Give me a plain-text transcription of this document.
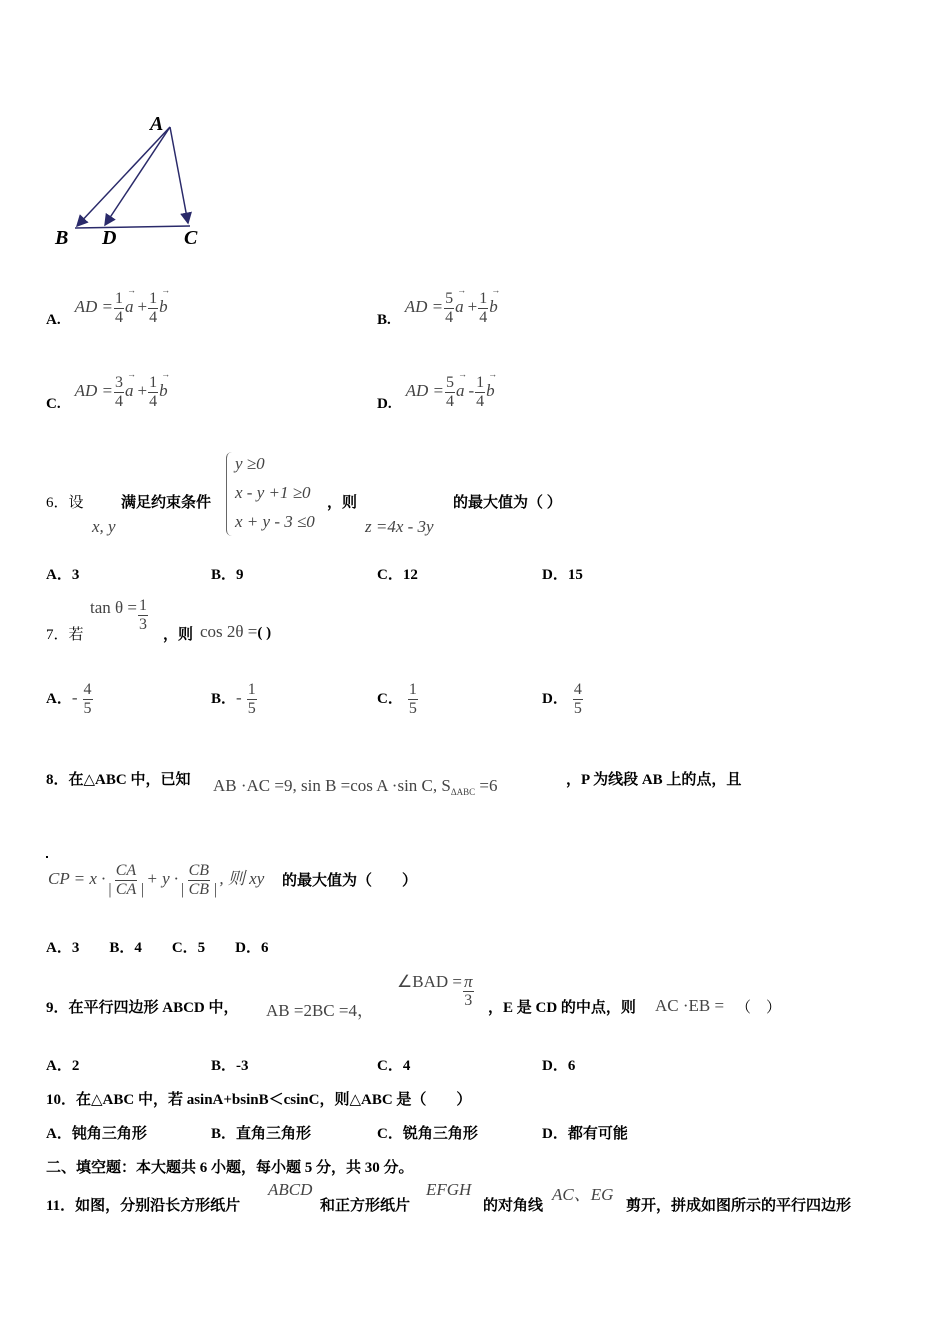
A
B D	C
$A.AD = \frac{1}{4} \to a + \frac{1}{4} \to b$
$B.AD = \frac{5}{4} \to a + \frac{1}{4} \to b$
$C.AD = \frac{3}{4} \to a + \frac{1}{4} \to b$
$D.AD = \frac{5}{4} \to a - \frac{1}{4} \to b$
6．设
x, y
满足约束条件
y ≥0
x - y +1 ≥0
x + y - 3 ≤0
，则
z =4x - 3y
的最大值为（ ）
A．3	B．9	C．12	D．15
7．若
$\tan \theta = \frac{1}{3}$
，则 cos 2θ =( )
A．- $\frac{4}{5}$	B．- $\frac{1}{5}$	C． $\frac{1}{5}$	D． $\frac{4}{5}$
8．在△ABC 中，已知 AB ·AC =9, sin B =cos A ·sin C, $S_{\Delta ABC} =6$	，P 为线段 AB 上的点，且
CP = $x \cdot \frac{CA}{| CA |} + y \cdot \frac{CB}{| CB |}$ , 则 xy 的最大值为（　　）
A．3　　B．4　　C．5　　D．6
9．在平行四边形 ABCD 中， AB =2BC =4，
∠BAD = $\frac{\pi}{3}$ ，E 是 CD 的中点，则 AC ·EB = （　）
A．2	B．-3	C．4	D．6
10．在△ABC 中，若 asinA+bsinB＜csinC，则△ABC 是（　　）
A．钝角三角形	B．直角三角形	C．锐角三角形	D．都有可能
二、填空题：本大题共 6 小题，每小题 5 分，共 30 分。
11．如图，分别沿长方形纸片
ABCD
和正方形纸片
EFGH
的对角线
AC、EG
剪开，拼成如图所示的平行四边形
